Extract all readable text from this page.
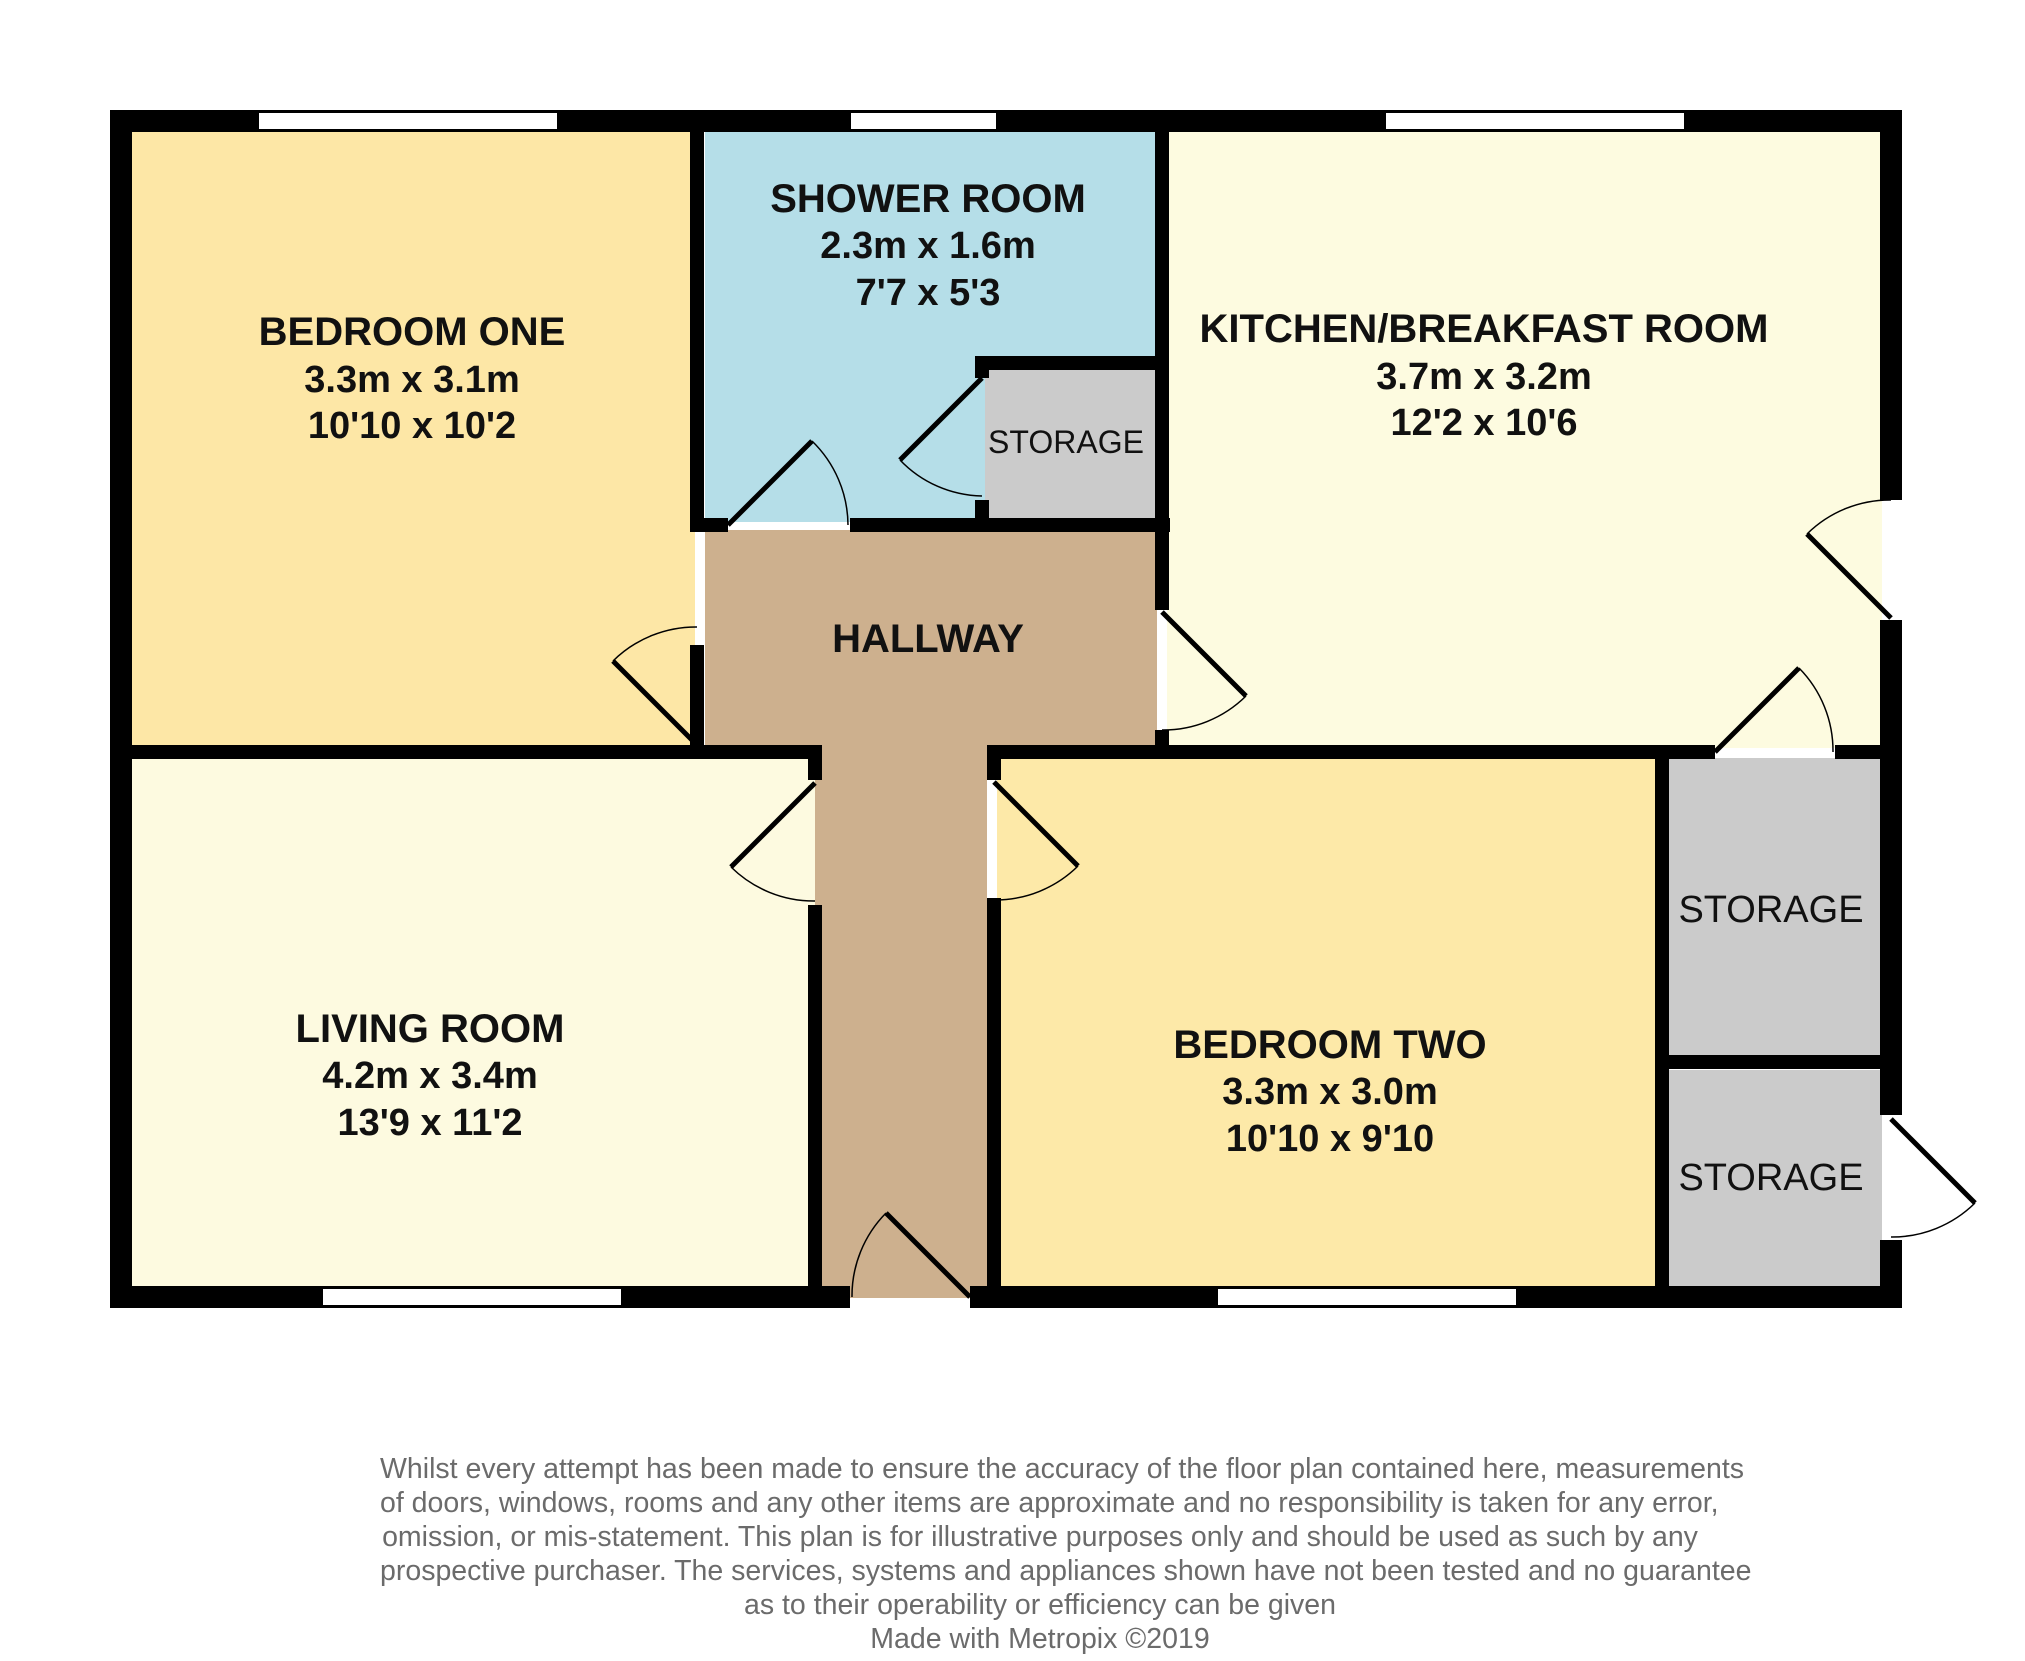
BEDROOM ONE
3.3m x 3.1m
10'10 x 10'2
SHOWER ROOM
2.3m x 1.6m
7'7 x 5'3
STORAGE
KITCHEN/BREAKFAST ROOM
3.7m x 3.2m
12'2 x 10'6
HALLWAY
LIVING ROOM
4.2m x 3.4m
13'9 x 11'2
BEDROOM TWO
3.3m x 3.0m
10'10 x 9'10
STORAGE
STORAGE
Whilst every attempt has been made to ensure the accuracy of the floor plan contained here, measurements
of doors, windows, rooms and any other items are approximate and no responsibility is taken for any error,
omission, or mis-statement. This plan is for illustrative purposes only and should be used as such by any
prospective purchaser. The services, systems and appliances shown have not been tested and no guarantee
as to their operability or efficiency can be given
Made with Metropix ©2019
